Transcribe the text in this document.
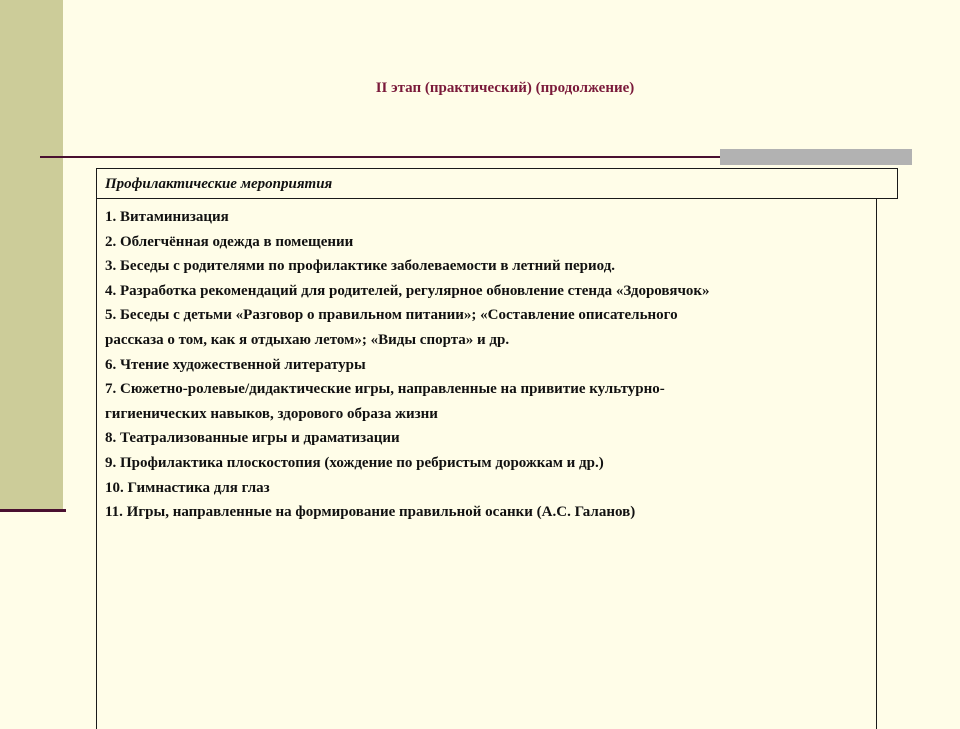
II этап (практический) (продолжение)
Профилактические мероприятия
1. Витаминизация
2. Облегчённая одежда в помещении
3. Беседы с родителями по профилактике заболеваемости в летний период.
4. Разработка рекомендаций для родителей, регулярное обновление стенда «Здоровячок»
5. Беседы с детьми «Разговор о правильном питании»; «Составление описательного
рассказа о том, как я отдыхаю летом»; «Виды спорта» и др.
6. Чтение художественной литературы
7. Сюжетно-ролевые/дидактические игры, направленные на привитие культурно-
гигиенических навыков, здорового образа жизни
8. Театрализованные игры и драматизации
9. Профилактика плоскостопия (хождение по ребристым дорожкам и др.)
10. Гимнастика для глаз
11. Игры, направленные на формирование правильной осанки (А.С. Галанов)
